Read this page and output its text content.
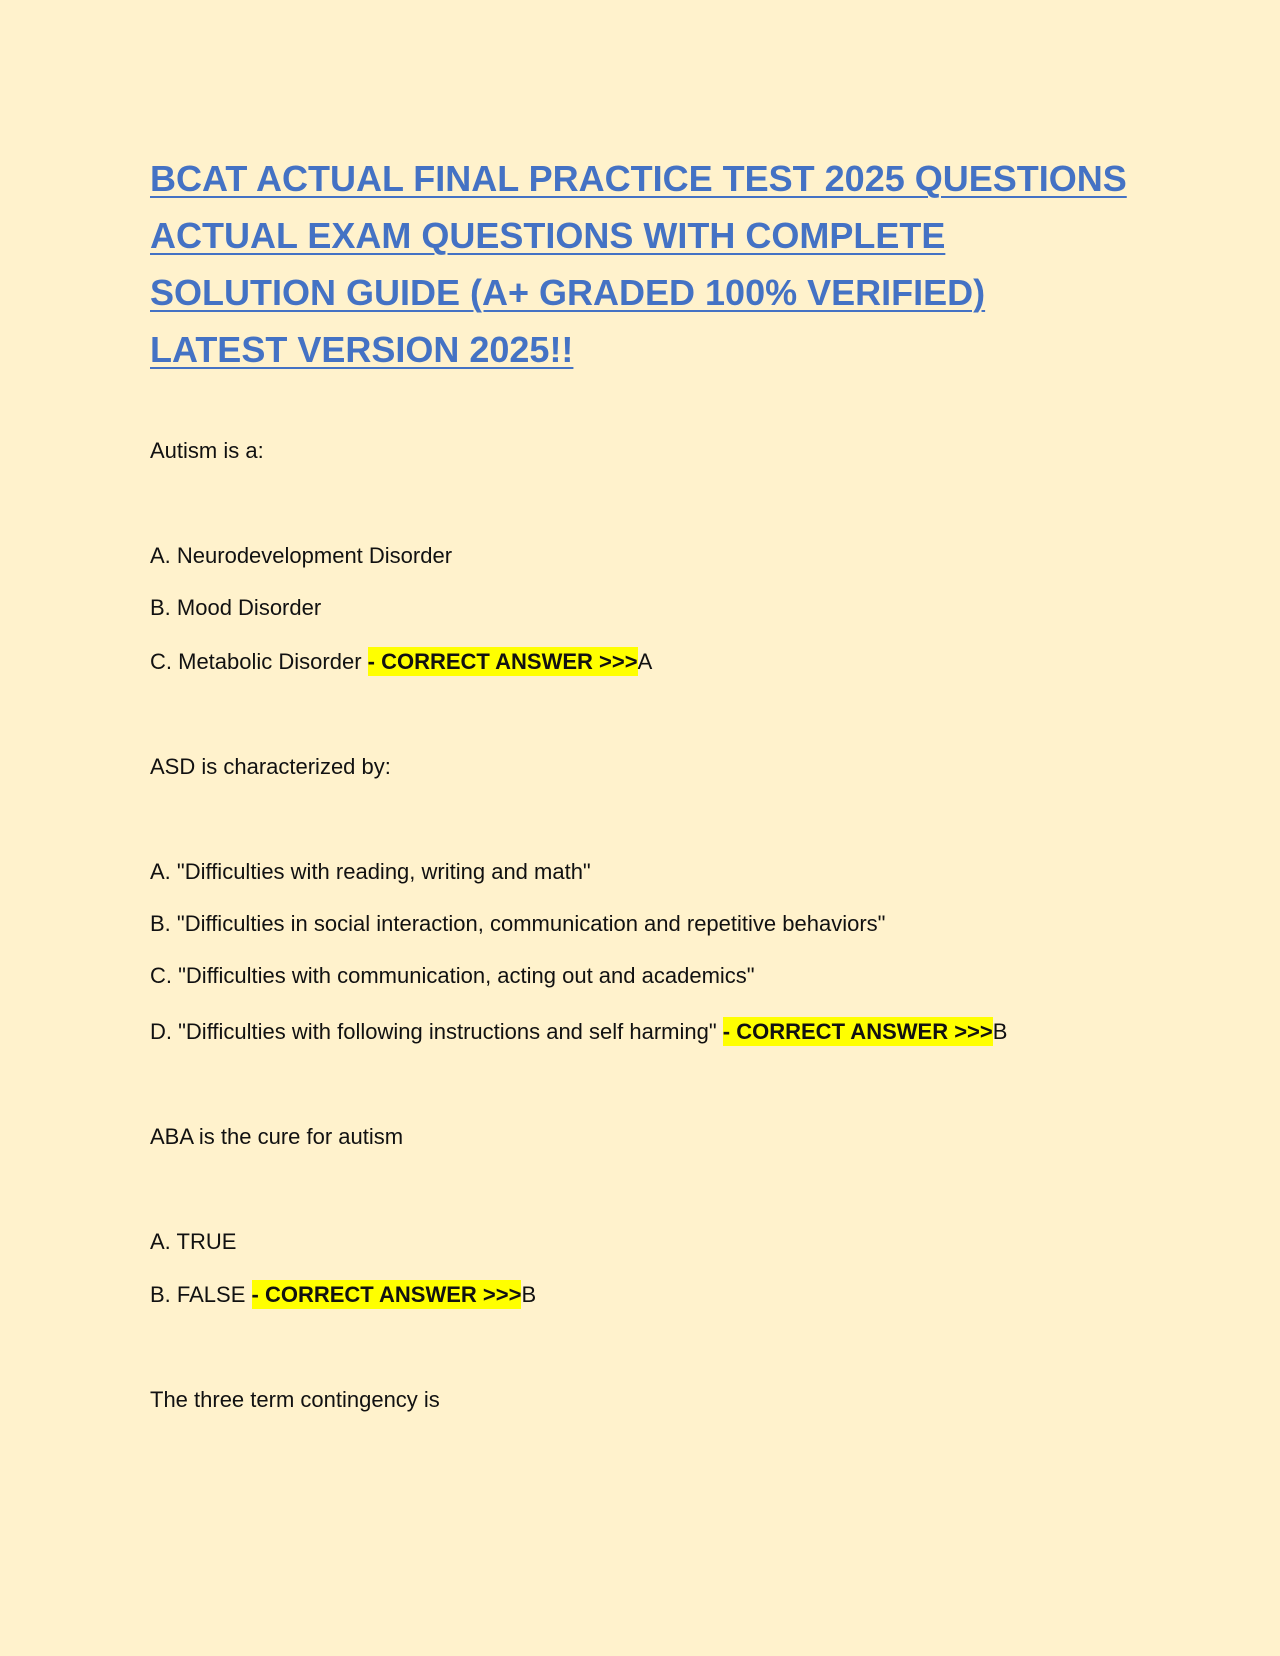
BCAT ACTUAL FINAL PRACTICE TEST 2025 QUESTIONS ACTUAL EXAM QUESTIONS WITH COMPLETE SOLUTION GUIDE (A+ GRADED 100% VERIFIED) LATEST VERSION 2025!!

Autism is a:

A. Neurodevelopment Disorder

B. Mood Disorder

C. Metabolic Disorder - CORRECT ANSWER >>>A

ASD is characterized by:

A. "Difficulties with reading, writing and math"

B. "Difficulties in social interaction, communication and repetitive behaviors"

C. "Difficulties with communication, acting out and academics"

D. "Difficulties with following instructions and self harming" - CORRECT ANSWER >>>B

ABA is the cure for autism

A. TRUE

B. FALSE - CORRECT ANSWER >>>B

The three term contingency is
